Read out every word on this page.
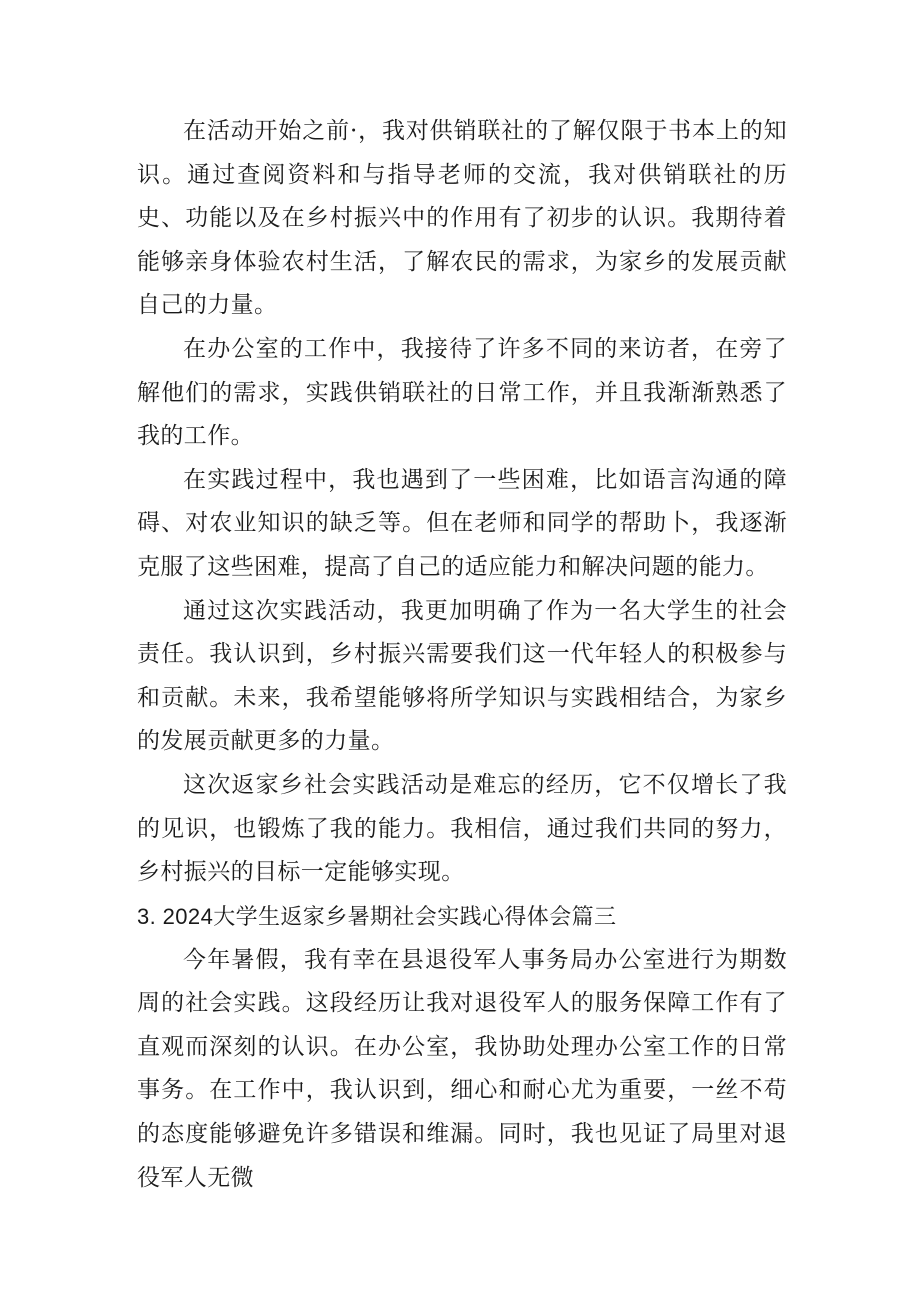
在活动开始之前·，我对供销联社的了解仅限于书本上的知识。通过查阅资料和与指导老师的交流，我对供销联社的历史、功能以及在乡村振兴中的作用有了初步的认识。我期待着能够亲身体验农村生活，了解农民的需求，为家乡的发展贡献自己的力量。

在办公室的工作中，我接待了许多不同的来访者，在旁了解他们的需求，实践供销联社的日常工作，并且我渐渐熟悉了我的工作。

在实践过程中，我也遇到了一些困难，比如语言沟通的障碍、对农业知识的缺乏等。但在老师和同学的帮助卜，我逐渐克服了这些困难，提高了自己的适应能力和解决问题的能力。

通过这次实践活动，我更加明确了作为一名大学生的社会责任。我认识到，乡村振兴需要我们这一代年轻人的积极参与和贡献。未来，我希望能够将所学知识与实践相结合，为家乡的发展贡献更多的力量。

这次返家乡社会实践活动是难忘的经历，它不仅增长了我的见识，也锻炼了我的能力。我相信，通过我们共同的努力，乡村振兴的目标一定能够实现。

3. 2024大学生返家乡暑期社会实践心得体会篇三

今年暑假，我有幸在县退役军人事务局办公室进行为期数周的社会实践。这段经历让我对退役军人的服务保障工作有了直观而深刻的认识。在办公室，我协助处理办公室工作的日常事务。在工作中，我认识到，细心和耐心尤为重要，一丝不苟的态度能够避免许多错误和维漏。同时，我也见证了局里对退役军人无微
